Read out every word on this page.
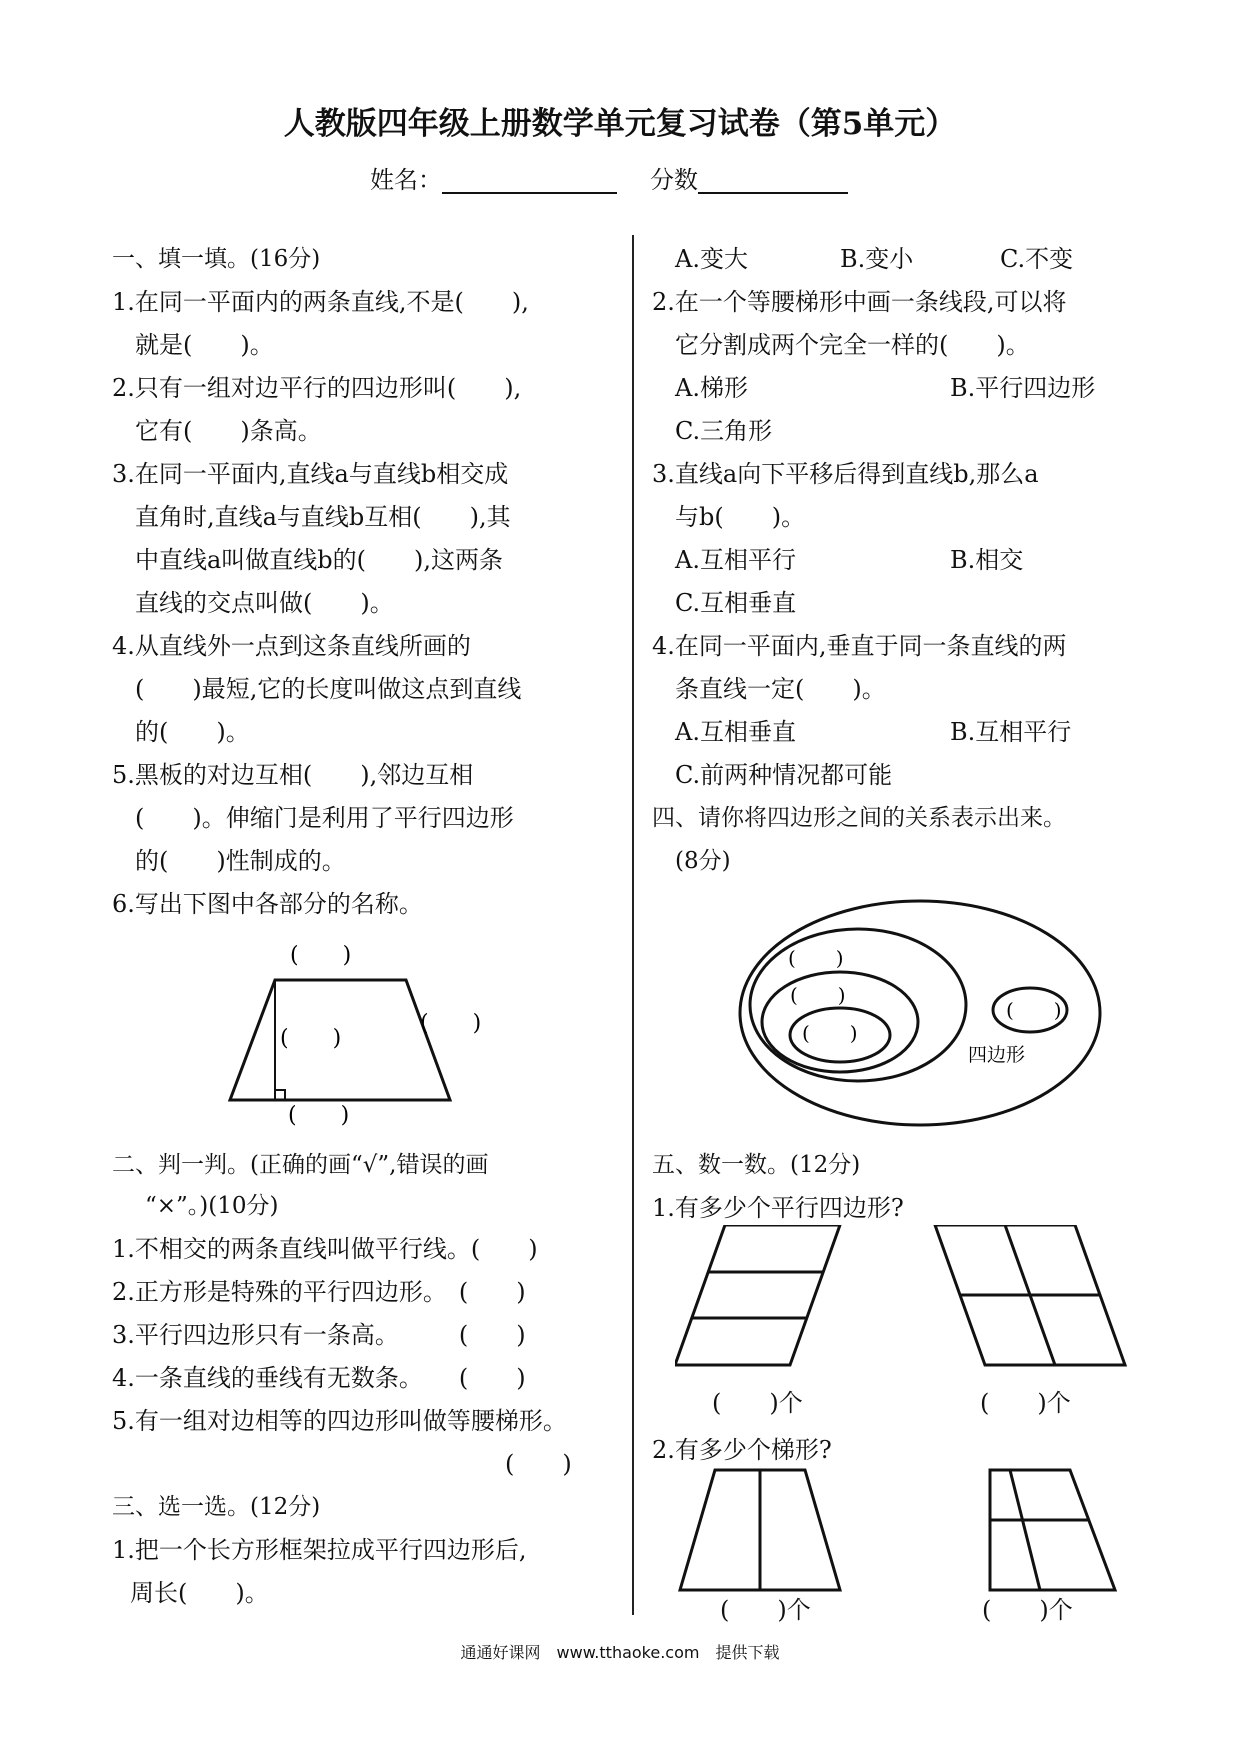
人教版四年级上册数学单元复习试卷（第5单元）
姓名：	分数
一、填一填。(16分)
1.在同一平面内的两条直线,不是(　　),
就是(　　)。
2.只有一组对边平行的四边形叫(　　),
它有(　　)条高。
3.在同一平面内,直线a与直线b相交成
直角时,直线a与直线b互相(　　),其
中直线a叫做直线b的(　　),这两条
直线的交点叫做(　　)。
4.从直线外一点到这条直线所画的
(　　)最短,它的长度叫做这点到直线
的(　　)。
5.黑板的对边互相(　　),邻边互相
(　　)。伸缩门是利用了平行四边形
的(　　)性制成的。
6.写出下图中各部分的名称。
(　　)
(　　)
(　　)
(　　)
二、判一判。(正确的画“√”,错误的画
“×”。)(10分)
1.不相交的两条直线叫做平行线。(　　)
2.正方形是特殊的平行四边形。　(　　)
3.平行四边形只有一条高。　　　(　　)
4.一条直线的垂线有无数条。　　(　　)
5.有一组对边相等的四边形叫做等腰梯形。
(　　)
三、选一选。(12分)
1.把一个长方形框架拉成平行四边形后,
周长(　　)。
A.变大	B.变小	C.不变
2.在一个等腰梯形中画一条线段,可以将
它分割成两个完全一样的(　　)。
A.梯形	B.平行四边形
C.三角形
3.直线a向下平移后得到直线b,那么a
与b(　　)。
A.互相平行	B.相交
C.互相垂直
4.在同一平面内,垂直于同一条直线的两
条直线一定(　　)。
A.互相垂直	B.互相平行
C.前两种情况都可能
四、请你将四边形之间的关系表示出来。
(8分)
(　　)
(　　)
(　　)
(　　)
四边形
五、数一数。(12分)
1.有多少个平行四边形?
(　　)个	(　　)个
2.有多少个梯形?
(　　)个	(　　)个
通通好课网　www.tthaoke.com　提供下载
